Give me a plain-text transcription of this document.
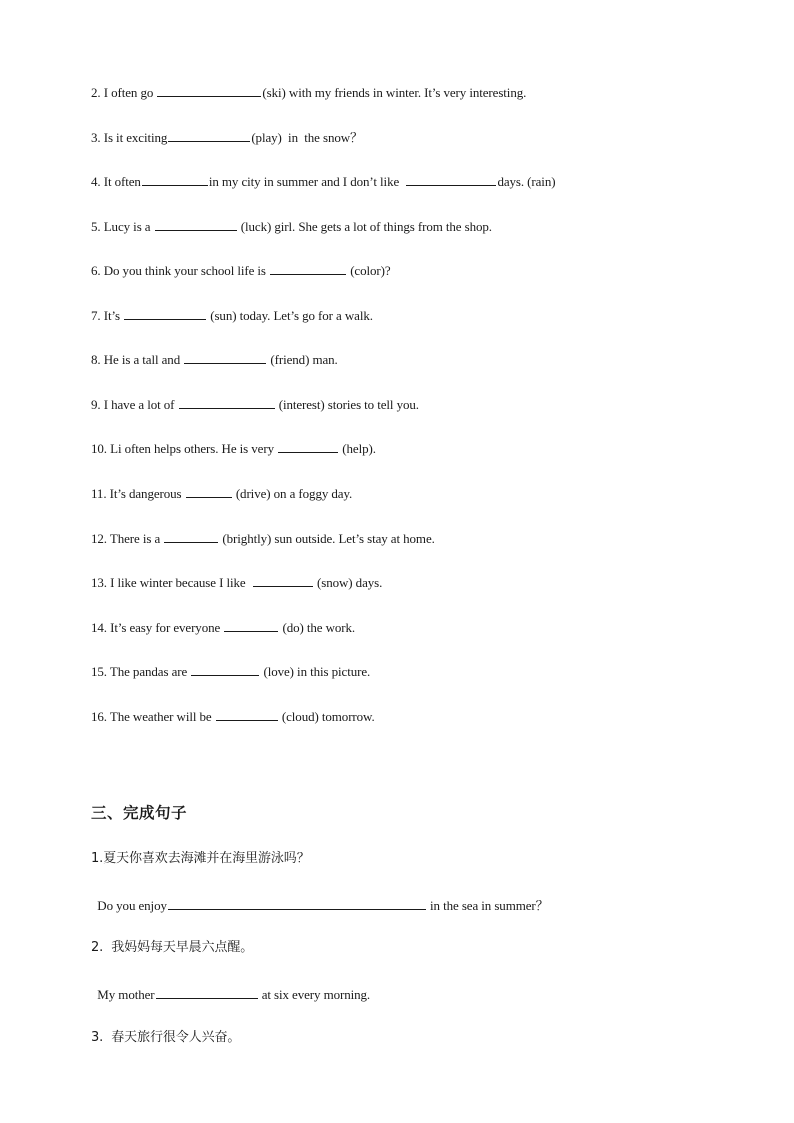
2. I often go	(ski) with my friends in winter. It’s very interesting.
3. Is it exciting	(play)  in  the snow？
4. It often	in my city in summer and I don’t like	days. (rain)
5. Lucy is a	(luck) girl. She gets a lot of things from the shop.
6. Do you think your school life is	(color)?
7. It’s	(sun) today. Let’s go for a walk.
8. He is a tall and	(friend) man.
9. I have a lot of	(interest) stories to tell you.
10. Li often helps others. He is very	(help).
11. It’s dangerous	(drive) on a foggy day.
12. There is a	(brightly) sun outside. Let’s stay at home.
13. I like winter because I like	(snow) days.
14. It’s easy for everyone	(do) the work.
15. The pandas are	(love) in this picture.
16. The weather will be	(cloud) tomorrow.
三、完成句子
1.夏天你喜欢去海滩并在海里游泳吗？
Do you enjoy	in the sea in summer？
2.  我妈妈每天早晨六点醒。
My mother	at six every morning.
3.  春天旅行很令人兴奋。
